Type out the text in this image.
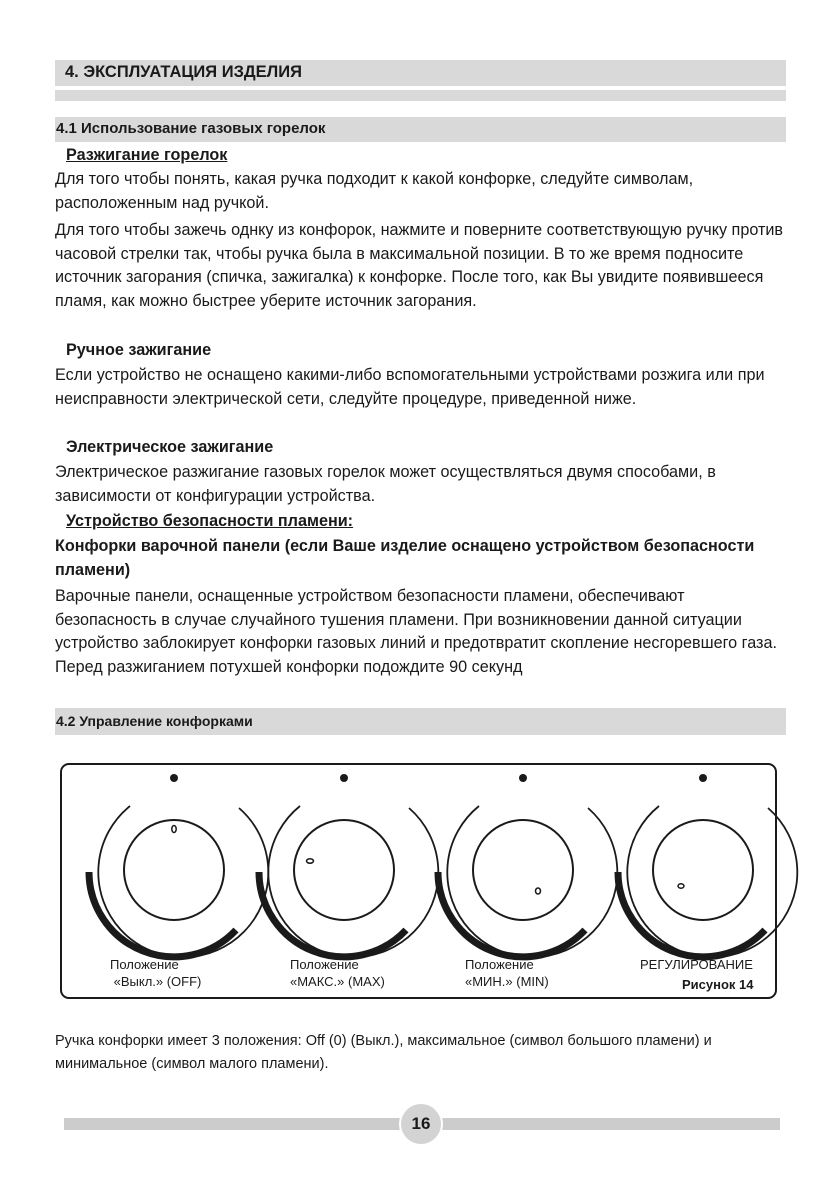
4. ЭКСПЛУАТАЦИЯ ИЗДЕЛИЯ
4.1 Использование газовых горелок
Разжигание горелок

Для того чтобы понять, какая ручка подходит к какой конфорке, следуйте символам, расположенным над ручкой.

Для того чтобы зажечь однку из конфорок, нажмите и поверните соответствующую ручку против часовой стрелки так, чтобы ручка была в максимальной позиции. В то же время подносите источник загорания (спичка, зажигалка) к конфорке. После того, как Вы увидите появившееся пламя, как можно быстрее уберите источник загорания.

Ручное зажигание

Если устройство не оснащено какими-либо вспомогательными устройствами розжига или при неисправности электрической сети, следуйте процедуре, приведенной ниже.

Электрическое зажигание

Электрическое разжигание газовых горелок может осуществляться двумя способами, в зависимости от конфигурации устройства.

Устройство безопасности пламени:
Конфорки варочной панели (если Ваше изделие оснащено устройством безопасности пламени)

Варочные панели, оснащенные устройством безопасности пламени, обеспечивают безопасность в случае случайного тушения пламени. При возникновении данной ситуации устройство заблокирует конфорки газовых линий и предотвратит скопление несгоревшего газа. Перед разжиганием потухшей конфорки подождите 90 секунд

4.2 Управление конфорками
Положение
«Выкл.» (OFF)
Положение
«МАКС.» (MAX)
Положение
«МИН.» (MIN)
РЕГУЛИРОВАНИЕ
Рисунок 14

Ручка конфорки имеет 3 положения: Off (0) (Выкл.), максимальное (символ большого пламени) и минимальное (символ малого пламени).

16
